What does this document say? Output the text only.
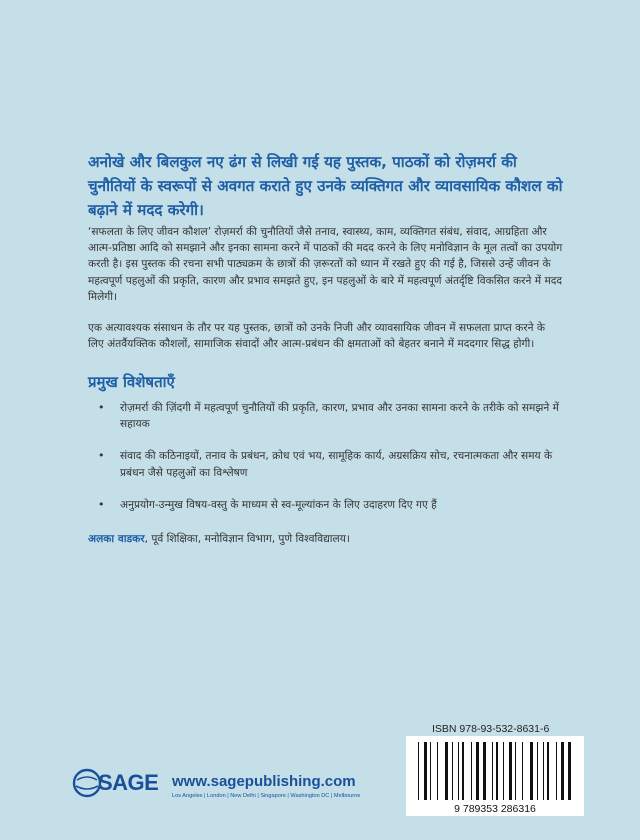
अनोखे और बिलकुल नए ढंग से लिखी गई यह पुस्तक, पाठकों को रोज़मर्रा की चुनौतियों के स्वरूपों से अवगत कराते हुए उनके व्यक्तिगत और व्यावसायिक कौशल को बढ़ाने में मदद करेगी।
‘सफलता के लिए जीवन कौशल’ रोज़मर्रा की चुनौतियों जैसे तनाव, स्वास्थ्य, काम, व्यक्तिगत संबंध, संवाद, आग्रहिता और आत्म-प्रतिष्ठा आदि को समझाने और इनका सामना करने में पाठकों की मदद करने के लिए मनोविज्ञान के मूल तत्वों का उपयोग करती है। इस पुस्तक की रचना सभी पाठ्यक्रम के छात्रों की ज़रूरतों को ध्यान में रखते हुए की गई है, जिससे उन्हें जीवन के महत्वपूर्ण पहलुओं की प्रकृति, कारण और प्रभाव समझते हुए, इन पहलुओं के बारे में महत्वपूर्ण अंतर्दृष्टि विकसित करने में मदद मिलेगी।
एक अत्यावश्यक संसाधन के तौर पर यह पुस्तक, छात्रों को उनके निजी और व्यावसायिक जीवन में सफलता प्राप्त करने के लिए अंतर्वैयक्तिक कौशलों, सामाजिक संवादों और आत्म-प्रबंधन की क्षमताओं को बेहतर बनाने में मददगार सिद्ध होगी।
प्रमुख विशेषताएँ
• रोज़मर्रा की ज़िंदगी में महत्वपूर्ण चुनौतियों की प्रकृति, कारण, प्रभाव और उनका सामना करने के तरीके को समझने में सहायक
• संवाद की कठिनाइयों, तनाव के प्रबंधन, क्रोध एवं भय, सामूहिक कार्य, अग्रसक्रिय सोच, रचनात्मकता और समय के प्रबंधन जैसे पहलुओं का विश्लेषण
• अनुप्रयोग-उन्मुख विषय-वस्तु के माध्यम से स्व-मूल्यांकन के लिए उदाहरण दिए गए हैं
अलका वाडकर, पूर्व शिक्षिका, मनोविज्ञान विभाग, पुणे विश्वविद्यालय।
ISBN 978-93-532-8631-6
9 789353 286316
SAGE www.sagepublishing.com
Los Angeles | London | New Delhi | Singapore | Washington DC | Melbourne
